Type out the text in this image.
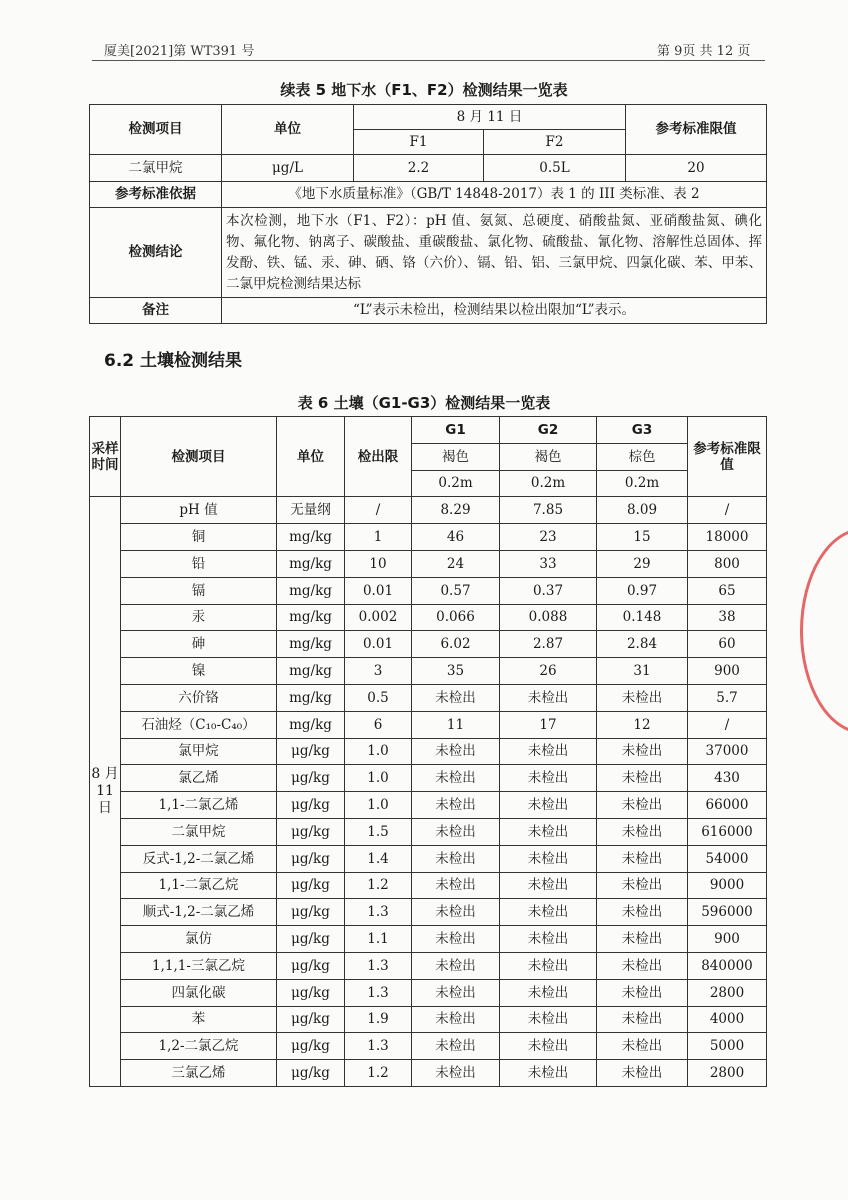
厦美[2021]第 WT391 号	第 9页 共 12 页
续表 5 地下水（F1、F2）检测结果一览表
检测项目	单位	8 月 11 日		参考标准限值
		F1	F2	
二氯甲烷	μg/L	2.2	0.5L	20
参考标准依据	《地下水质量标准》（GB/T 14848-2017）表 1 的 III 类标准、表 2			
检测结论	本次检测，地下水（F1、F2）：pH 值、氨氮、总硬度、硝酸盐氮、亚硝酸盐氮、碘化物、氟化物、钠离子、碳酸盐、重碳酸盐、氯化物、硫酸盐、氰化物、溶解性总固体、挥发酚、铁、锰、汞、砷、硒、铬（六价）、镉、铅、铝、三氯甲烷、四氯化碳、苯、甲苯、二氯甲烷检测结果达标			
备注	“L”表示未检出，检测结果以检出限加“L”表示。			
6.2 土壤检测结果
表 6 土壤（G1-G3）检测结果一览表
采样时间	检测项目	单位	检出限	G1	G2	G3	参考标准限值
				褐色	褐色	棕色	
				0.2m	0.2m	0.2m	
8 月 11 日	pH 值	无量纲	/	8.29	7.85	8.09	/
	铜	mg/kg	1	46	23	15	18000
	铅	mg/kg	10	24	33	29	800
	镉	mg/kg	0.01	0.57	0.37	0.97	65
	汞	mg/kg	0.002	0.066	0.088	0.148	38
	砷	mg/kg	0.01	6.02	2.87	2.84	60
	镍	mg/kg	3	35	26	31	900
	六价铬	mg/kg	0.5	未检出	未检出	未检出	5.7
	石油烃（C₁₀-C₄₀）	mg/kg	6	11	17	12	/
	氯甲烷	μg/kg	1.0	未检出	未检出	未检出	37000
	氯乙烯	μg/kg	1.0	未检出	未检出	未检出	430
	1,1-二氯乙烯	μg/kg	1.0	未检出	未检出	未检出	66000
	二氯甲烷	μg/kg	1.5	未检出	未检出	未检出	616000
	反式-1,2-二氯乙烯	μg/kg	1.4	未检出	未检出	未检出	54000
	1,1-二氯乙烷	μg/kg	1.2	未检出	未检出	未检出	9000
	顺式-1,2-二氯乙烯	μg/kg	1.3	未检出	未检出	未检出	596000
	氯仿	μg/kg	1.1	未检出	未检出	未检出	900
	1,1,1-三氯乙烷	μg/kg	1.3	未检出	未检出	未检出	840000
	四氯化碳	μg/kg	1.3	未检出	未检出	未检出	2800
	苯	μg/kg	1.9	未检出	未检出	未检出	4000
	1,2-二氯乙烷	μg/kg	1.3	未检出	未检出	未检出	5000
	三氯乙烯	μg/kg	1.2	未检出	未检出	未检出	2800
